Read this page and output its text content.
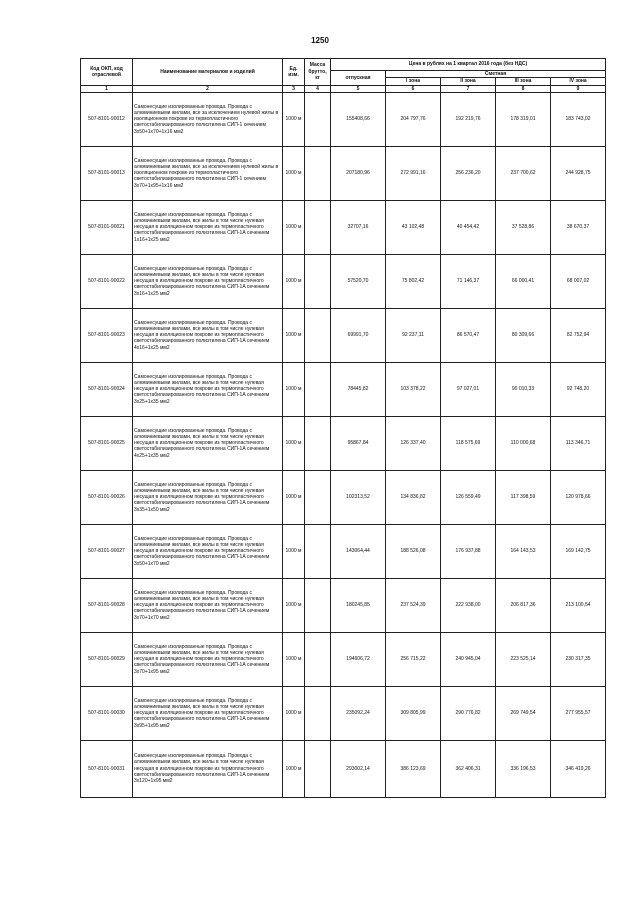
1250
Код ОКП, код отраслевой	Наименование материалов и изделий	Ед. изм.	Масса брутто, кг	Цена в рублях на 1 квартал 2016 года (без НДС)				
				отпускная	Сметная			
					I зона	II зона	III зона	IV зона
1	2	3	4	5	6	7	8	9
507-8101-90012	Самонесущие изолированные провода. Провода с алюминиевыми жилами, все за исключением нулевой жилы в изоляционном покрове из термопластичного светостабилизированного полиэтилена СИП-1 сечением 3х50+1х70+1х16 мм2	1000 м		155408,66	204 797,76	192 219,76	178 319,01	183 743,02
507-8101-90013	Самонесущие изолированные провода. Провода с алюминиевыми жилами, все за исключением нулевой жилы в изоляционном покрове из термопластичного светостабилизированного полиэтилена СИП-1 сечением 3х70+1х95+1х16 мм2	1000 м		207180,96	272 991,16	256 236,20	237 700,62	244 928,75
507-8101-90021	Самонесущие изолированные провода. Провода с алюминиевыми жилами, все жилы в том числе нулевая несущая в изоляционном покрове из термопластичного светостабилизированного полиэтилена СИП-1А сечением 1х16+1х25 мм2	1000 м		32707,16	43 102,48	40 454,42	37 528,86	38 670,37
507-8101-90022	Самонесущие изолированные провода. Провода с алюминиевыми жилами, все жилы в том числе нулевая несущая в изоляционном покрове из термопластичного светостабилизированного полиэтилена СИП-1А сечением 3х16+1х25 мм2	1000 м		57520,70	75 802,42	71 146,37	66 000,41	68 007,02
507-8101-90023	Самонесущие изолированные провода. Провода с алюминиевыми жилами, все жилы в том числе нулевая несущая в изоляционном покрове из термопластичного светостабилизированного полиэтилена СИП-1А сечением 4х16+1х25 мм2	1000 м		69991,70	92 237,11	86 570,47	80 309,66	82 752,94
507-8101-90024	Самонесущие изолированные провода. Провода с алюминиевыми жилами, все жилы в том числе нулевая несущая в изоляционном покрове из термопластичного светостабилизированного полиэтилена СИП-1А сечением 3х25+1х35 мм2	1000 м		78445,82	103 378,22	97 027,01	90 010,33	92 748,20
507-8101-90025	Самонесущие изолированные провода. Провода с алюминиевыми жилами, все жилы в том числе нулевая несущая в изоляционном покрове из термопластичного светостабилизированного полиэтилена СИП-1А сечением 4х25+1х35 мм2	1000 м		95867,84	126 337,40	118 575,69	110 000,68	113 346,71
507-8101-90026	Самонесущие изолированные провода. Провода с алюминиевыми жилами, все жилы в том числе нулевая несущая в изоляционном покрове из термопластичного светостабилизированного полиэтилена СИП-1А сечением 3х35+1х50 мм2	1000 м		102313,52	134 836,82	126 559,49	117 398,59	120 978,66
507-8101-90027	Самонесущие изолированные провода. Провода с алюминиевыми жилами, все жилы в том числе нулевая несущая в изоляционном покрове из термопластичного светостабилизированного полиэтилена СИП-1А сечением 3х50+1х70 мм2	1000 м		143064,44	188 526,08	176 937,88	164 143,53	169 142,75
507-8101-90028	Самонесущие изолированные провода. Провода с алюминиевыми жилами, все жилы в том числе нулевая несущая в изоляционном покрове из термопластичного светостабилизированного полиэтилена СИП-1А сечением 3х70+1х70 мм2	1000 м		180245,85	237 524,39	222 938,00	206 817,36	213 100,54
507-8101-90029	Самонесущие изолированные провода. Провода с алюминиевыми жилами, все жилы в том числе нулевая несущая в изоляционном покрове из термопластичного светостабилизированного полиэтилена СИП-1А сечением 3х70+1х95 мм2	1000 м		194606,72	256 715,22	240 945,04	223 525,14	230 317,35
507-8101-90030	Самонесущие изолированные провода. Провода с алюминиевыми жилами, все жилы в том числе нулевая несущая в изоляционном покрове из термопластичного светостабилизированного полиэтилена СИП-1А сечением 3х95+1х95 мм2	1000 м		235092,24	309 805,99	290 776,82	269 749,54	277 955,57
507-8101-90031	Самонесущие изолированные провода. Провода с алюминиевыми жилами, все жилы в том числе нулевая несущая в изоляционном покрове из термопластичного светостабилизированного полиэтилена СИП-1А сечением 3х120+1х95 мм2	1000 м		293002,14	386 123,69	362 406,31	336 196,53	346 419,26
